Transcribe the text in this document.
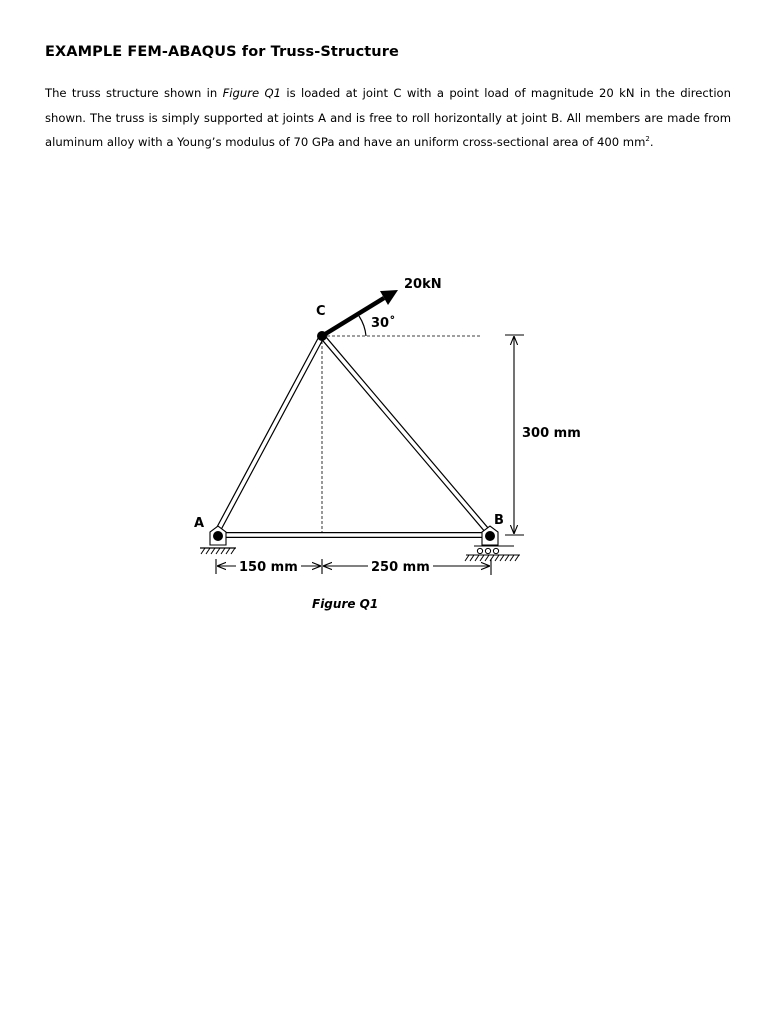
EXAMPLE FEM-ABAQUS for Truss-Structure
The truss structure shown in Figure Q1 is loaded at joint C with a point load of magnitude 20 kN in the direction shown. The truss is simply supported at joints A and is free to roll horizontally at joint B. All members are made from aluminum alloy with a Young’s modulus of 70 GPa and have an uniform cross-sectional area of 400 $mm^2$.
A	B
C
20kN
30˚
300 mm
150 mm	250 mm
Figure Q1
